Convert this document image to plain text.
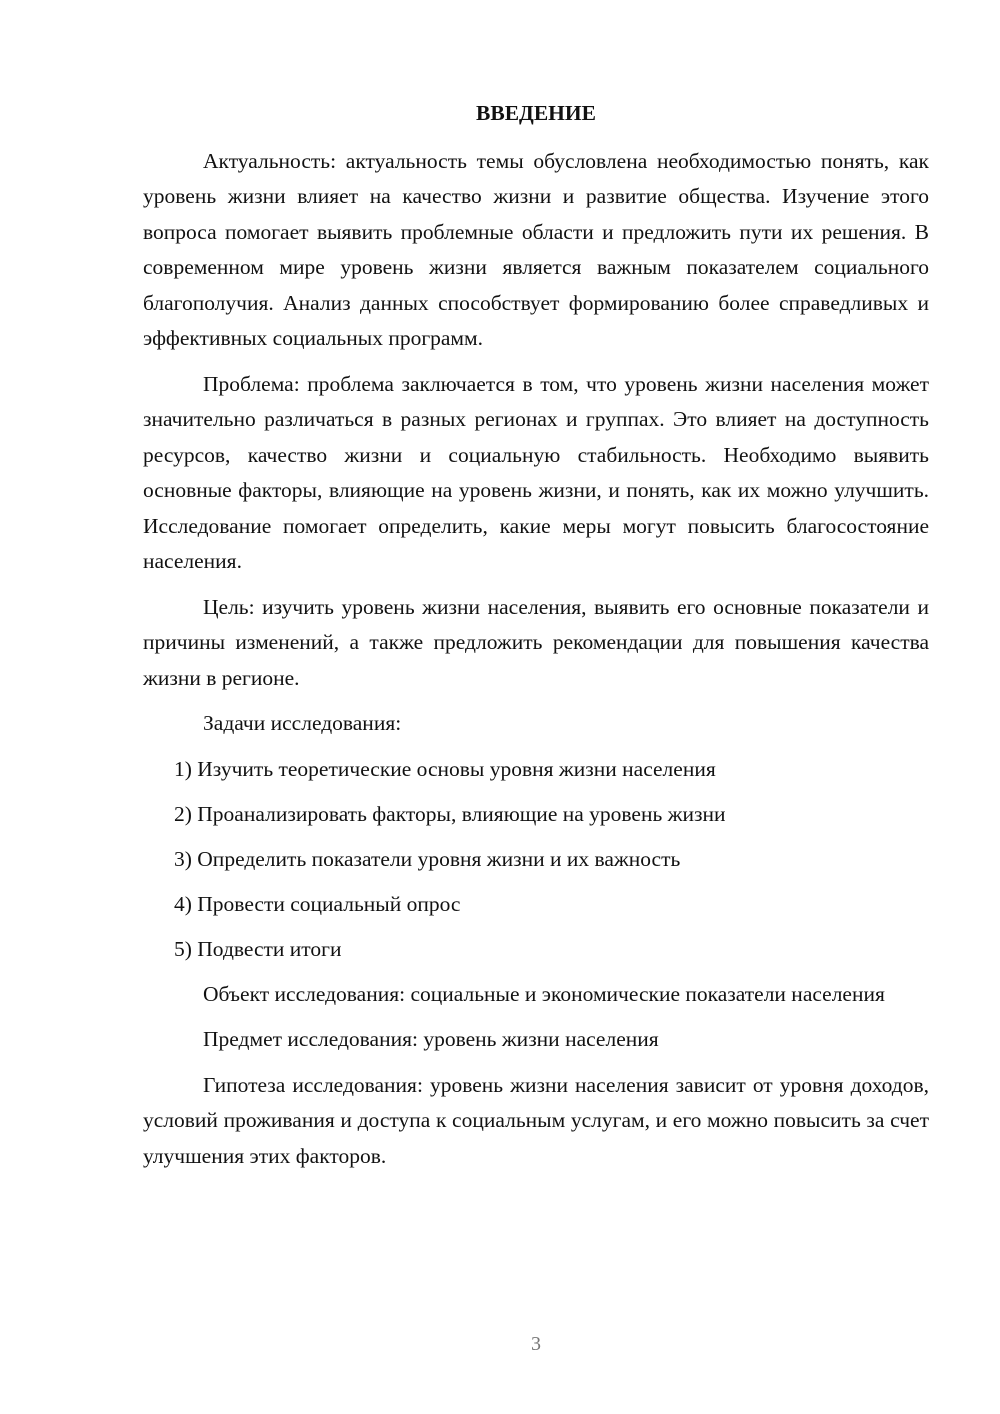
ВВЕДЕНИЕ

Актуальность: актуальность темы обусловлена необходимостью понять, как уровень жизни влияет на качество жизни и развитие общества. Изучение этого вопроса помогает выявить проблемные области и предложить пути их решения. В современном мире уровень жизни является важным показателем социального благополучия. Анализ данных способствует формированию более справедливых и эффективных социальных программ.

Проблема: проблема заключается в том, что уровень жизни населения может значительно различаться в разных регионах и группах. Это влияет на доступность ресурсов, качество жизни и социальную стабильность. Необходимо выявить основные факторы, влияющие на уровень жизни, и понять, как их можно улучшить. Исследование помогает определить, какие меры могут повысить благосостояние населения.

Цель: изучить уровень жизни населения, выявить его основные показатели и причины изменений, а также предложить рекомендации для повышения качества жизни в регионе.

Задачи исследования:

1) Изучить теоретические основы уровня жизни населения
2) Проанализировать факторы, влияющие на уровень жизни
3) Определить показатели уровня жизни и их важность
4) Провести социальный опрос
5) Подвести итоги

Объект исследования: социальные и экономические показатели населения

Предмет исследования: уровень жизни населения

Гипотеза исследования: уровень жизни населения зависит от уровня доходов, условий проживания и доступа к социальным услугам, и его можно повысить за счет улучшения этих факторов.

3
